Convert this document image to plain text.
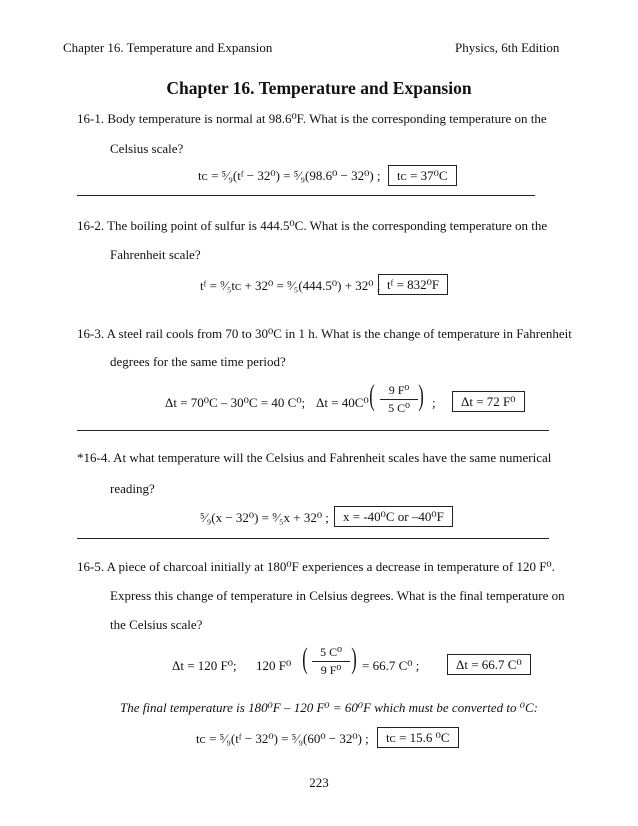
Chapter 16. Temperature and Expansion	Physics, 6th Edition
Chapter 16. Temperature and Expansion
16-1. Body temperature is normal at 98.6⁰F. What is the corresponding temperature on the
Celsius scale?
tᴄ = ⁵⁄₉(tᶠ − 32⁰) = ⁵⁄₉(98.6⁰ − 32⁰) ;	tᴄ = 37⁰C
16-2. The boiling point of sulfur is 444.5⁰C. What is the corresponding temperature on the
Fahrenheit scale?
tᶠ = ⁹⁄₅tᴄ + 32⁰ = ⁹⁄₅(444.5⁰) + 32⁰ ; tᶠ = 832⁰F
16-3. A steel rail cools from 70 to 30⁰C in 1 h. What is the change of temperature in Fahrenheit
degrees for the same time period?
Δt = 70⁰C – 30⁰C = 40 C⁰; Δt = 40C⁰ (	9 F⁰
5 C⁰ ) ;	Δt = 72 F⁰
*16-4. At what temperature will the Celsius and Fahrenheit scales have the same numerical
reading?
⁵⁄₉(x − 32⁰) = ⁹⁄₅x + 32⁰ ;	x = -40⁰C or –40⁰F
16-5. A piece of charcoal initially at 180⁰F experiences a decrease in temperature of 120 F⁰.
Express this change of temperature in Celsius degrees. What is the final temperature on
the Celsius scale?
Δt = 120 F⁰; 120 F⁰ (	5 C⁰
9 F⁰ ) = 66.7 C⁰ ;	Δt = 66.7 C⁰
The final temperature is 180⁰F – 120 F⁰ = 60⁰F which must be converted to ⁰C:
tᴄ = ⁵⁄₉(tᶠ − 32⁰) = ⁵⁄₉(60⁰ − 32⁰) ;	tᴄ = 15.6 ⁰C
223
